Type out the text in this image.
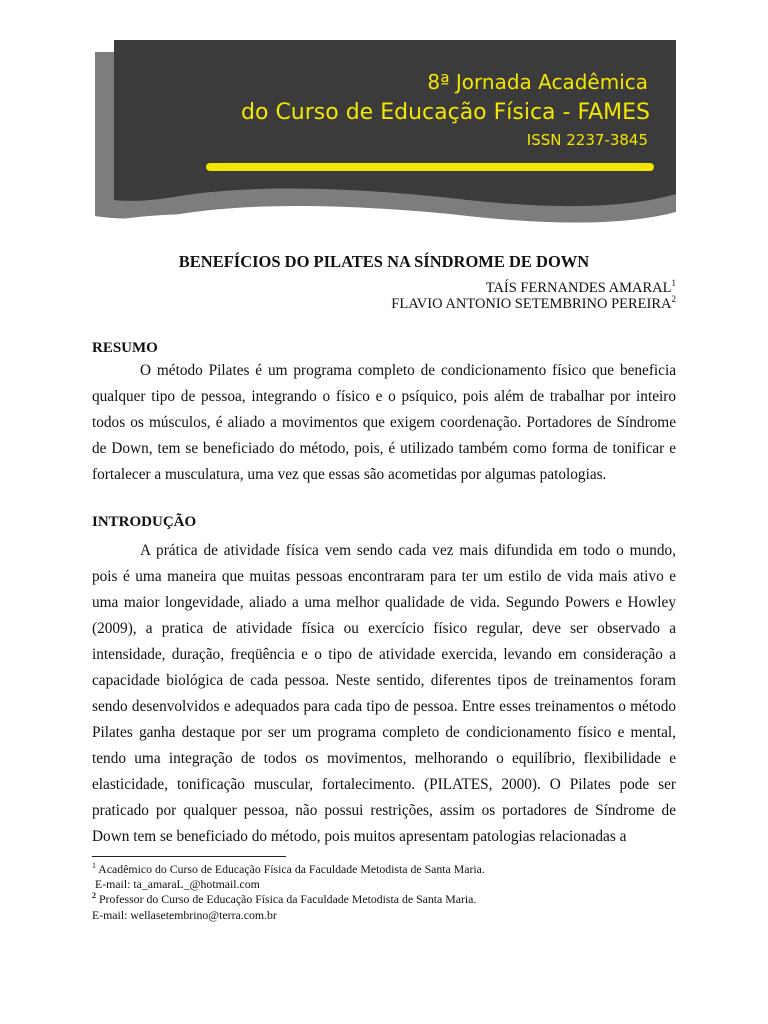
8ª Jornada Acadêmica
do Curso de Educação Física - FAMES
ISSN 2237-3845
BENEFÍCIOS DO PILATES NA SÍNDROME DE DOWN
TAÍS FERNANDES AMARAL$^1$
FLAVIO ANTONIO SETEMBRINO PEREIRA$^2$
RESUMO

O método Pilates é um programa completo de condicionamento físico que beneficia qualquer tipo de pessoa, integrando o físico e o psíquico, pois além de trabalhar por inteiro todos os músculos, é aliado a movimentos que exigem coordenação. Portadores de Síndrome de Down, tem se beneficiado do método, pois, é utilizado também como forma de tonificar e fortalecer a musculatura, uma vez que essas são acometidas por algumas patologias.

INTRODUÇÃO

A prática de atividade física vem sendo cada vez mais difundida em todo o mundo, pois é uma maneira que muitas pessoas encontraram para ter um estilo de vida mais ativo e uma maior longevidade, aliado a uma melhor qualidade de vida. Segundo Powers e Howley (2009), a pratica de atividade física ou exercício físico regular, deve ser observado a intensidade, duração, freqüência e o tipo de atividade exercida, levando em consideração a capacidade biológica de cada pessoa. Neste sentido, diferentes tipos de treinamentos foram sendo desenvolvidos e adequados para cada tipo de pessoa. Entre esses treinamentos o método Pilates ganha destaque por ser um programa completo de condicionamento físico e mental, tendo uma integração de todos os movimentos, melhorando o equilíbrio, flexibilidade e elasticidade, tonificação muscular, fortalecimento. (PILATES, 2000). O Pilates pode ser praticado por qualquer pessoa, não possui restrições, assim os portadores de Síndrome de Down tem se beneficiado do método, pois muitos apresentam patologias relacionadas a

$^1$ Acadêmico do Curso de Educação Física da Faculdade Metodista de Santa Maria.
E-mail: ta_amaraL_@hotmail.com
$^2$ Professor do Curso de Educação Física da Faculdade Metodista de Santa Maria.
E-mail: wellasetembrino@terra.com.br
